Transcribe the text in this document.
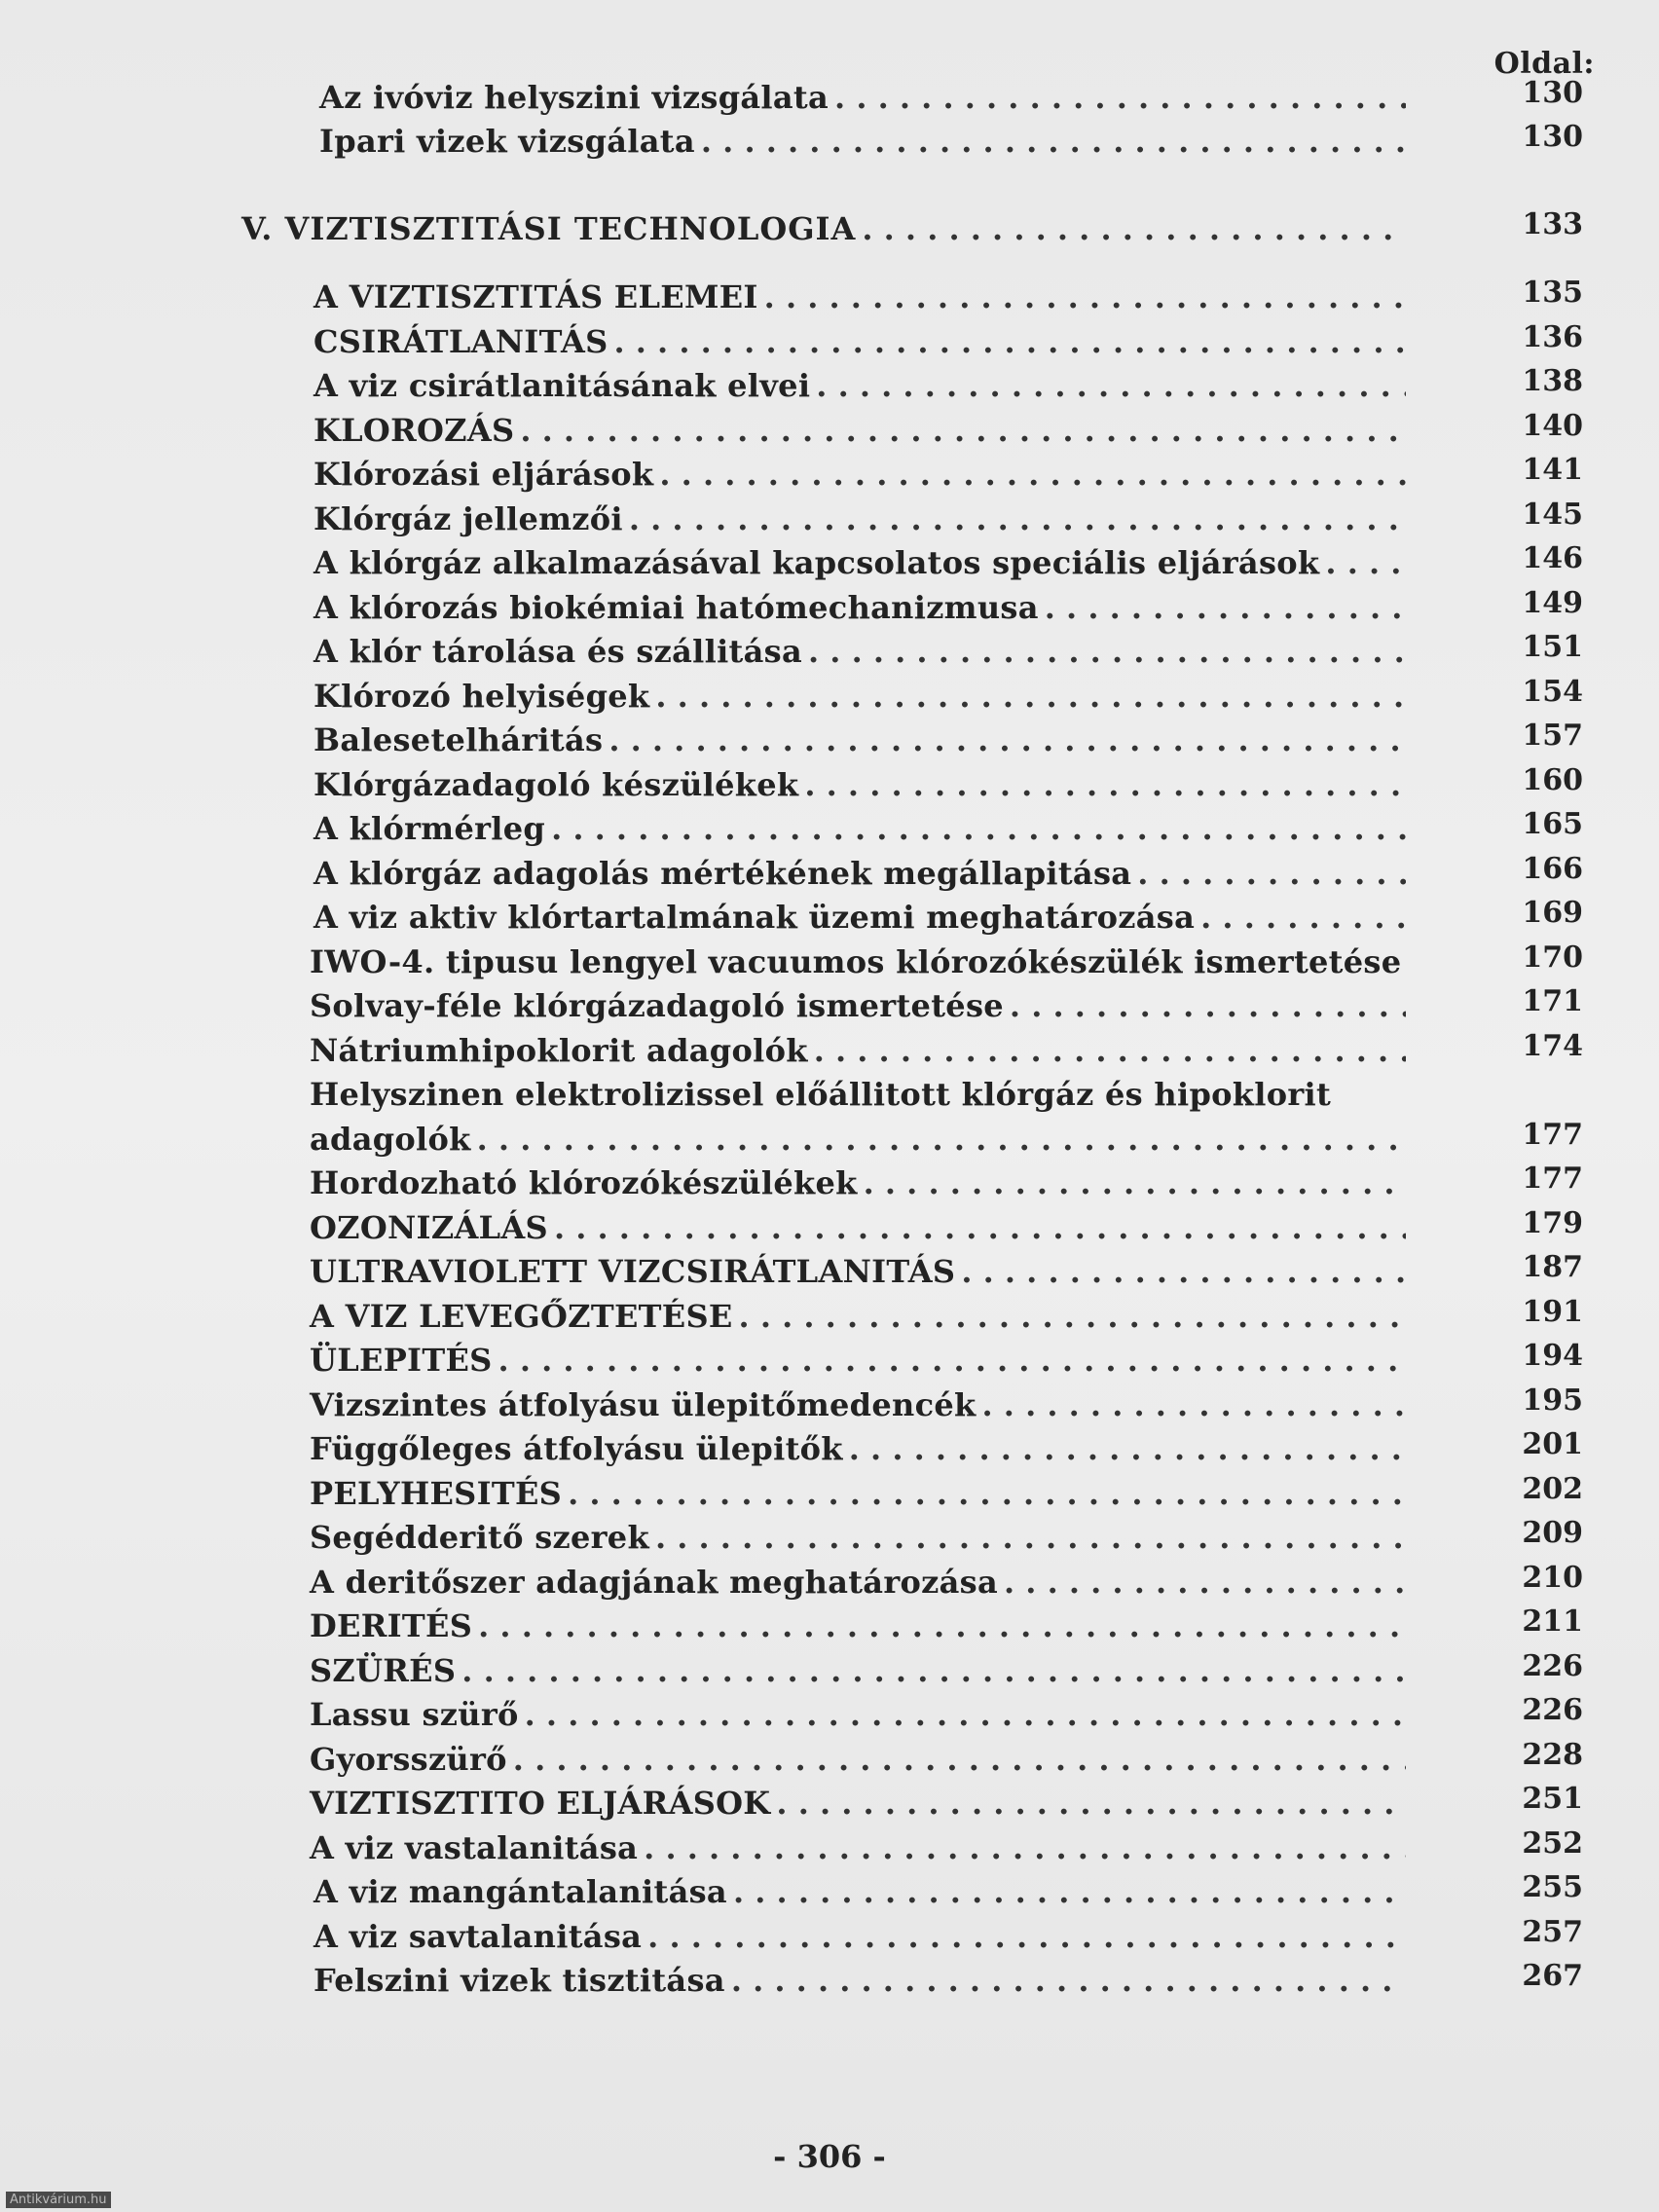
Oldal:
Az ivóviz helyszini vizsgálata . . .	130
Ipari vizek vizsgálata . . .	130
V. VIZTISZTITÁSI TECHNOLOGIA . . .	133
A VIZTISZTITÁS ELEMEI . . .	135
CSIRÁTLANITÁS . . .	136
A viz csirátlanitásának elvei . . .	138
KLOROZÁS . . .	140
Klórozási eljárások . . .	141
Klórgáz jellemzői . . .	145
A klórgáz alkalmazásával kapcsolatos speciális eljárások . . .	146
A klórozás biokémiai hatómechanizmusa . . .	149
A klór tárolása és szállitása . . .	151
Klórozó helyiségek . . .	154
Balesetelháritás . . .	157
Klórgázadagoló készülékek . . .	160
A klórmérleg . . .	165
A klórgáz adagolás mértékének megállapitása . . .	166
A viz aktiv klórtartalmának üzemi meghatározása . . .	169
IWO-4. tipusu lengyel vacuumos klórozókészülék ismertetése	170
Solvay-féle klórgázadagoló ismertetése . . .	171
Nátriumhipoklorit adagolók . . .	174
Helyszinen elektrolizissel előállitott klórgáz és hipoklorit
adagolók . . .	177
Hordozható klórozókészülékek . . .	177
OZONIZÁLÁS . . .	179
ULTRAVIOLETT VIZCSIRÁTLANITÁS . . .	187
A VIZ LEVEGŐZTETÉSE . . .	191
ÜLEPITÉS . . .	194
Vizszintes átfolyásu ülepitőmedencék . . .	195
Függőleges átfolyásu ülepitők . . .	201
PELYHESITÉS . . .	202
Segédderitő szerek . . .	209
A deritőszer adagjának meghatározása . . .	210
DERITÉS . . .	211
SZÜRÉS . . .	226
Lassu szürő . . .	226
Gyorsszürő . . .	228
VIZTISZTITO ELJÁRÁSOK . . .	251
A viz vastalanitása . . .	252
A viz mangántalanitása . . .	255
A viz savtalanitása . . .	257
Felszini vizek tisztitása . . .	267
- 306 -
Antikvárium.hu
